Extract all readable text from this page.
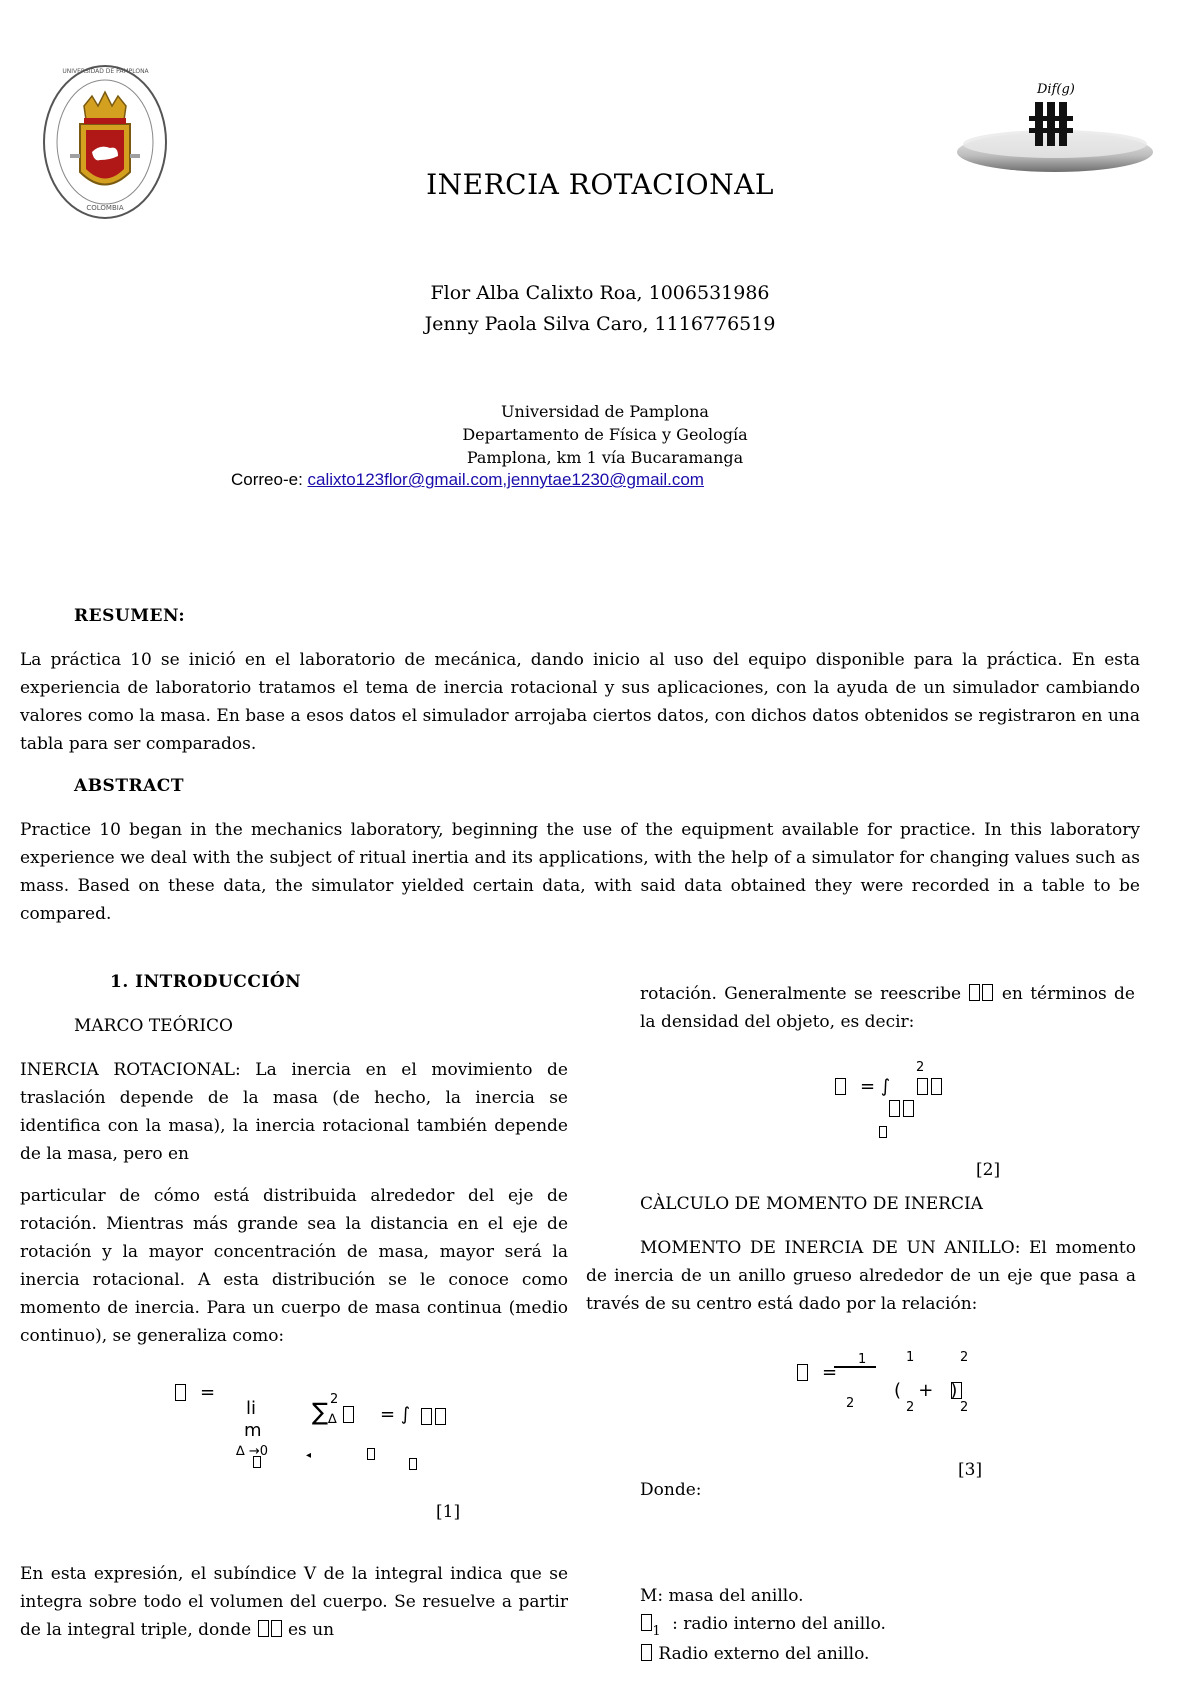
UNIVERSIDAD DE PAMPLONA
COLOMBIA
Dif(g)
INERCIA ROTACIONAL
Flor Alba Calixto Roa, 1006531986
Jenny Paola Silva Caro, 1116776519
Universidad de Pamplona
Departamento de Física y Geología
Pamplona, km 1 vía Bucaramanga
Correo-e: calixto123flor@gmail.com,jennytae1230@gmail.com
RESUMEN:
La práctica 10 se inició en el laboratorio de mecánica, dando inicio al uso del equipo disponible para la práctica. En esta experiencia de laboratorio tratamos el tema de inercia rotacional y sus aplicaciones, con la ayuda de un simulador cambiando valores como la masa. En base a esos datos el simulador arrojaba ciertos datos, con dichos datos obtenidos se registraron en una tabla para ser comparados.
ABSTRACT
Practice 10 began in the mechanics laboratory, beginning the use of the equipment available for practice. In this laboratory experience we deal with the subject of ritual inertia and its applications, with the help of a simulator for changing values such as mass. Based on these data, the simulator yielded certain data, with said data obtained they were recorded in a table to be compared.
1. INTRODUCCIÓN
MARCO TEÓRICO
INERCIA ROTACIONAL: La inercia en el movimiento de traslación depende de la masa (de hecho, la inercia se identifica con la masa), la inercia rotacional también depende de la masa, pero en
particular de cómo está distribuida alrededor del eje de rotación. Mientras más grande sea la distancia en el eje de rotación y la mayor concentración de masa, mayor será la inercia rotacional. A esta distribución se le conoce como momento de inercia. Para un cuerpo de masa continua (medio continuo), se generaliza como:
=
li
m
∆ →0
∑ 2
∆ = ∫
◂
[1]
En esta expresión, el subíndice V de la integral indica que se integra sobre todo el volumen del cuerpo. Se resuelve a partir de la integral triple, donde es un
rotación. Generalmente se reescribe en términos de la densidad del objeto, es decir:
= ∫
2
[2]
CÀLCULO DE MOMENTO DE INERCIA
MOMENTO DE INERCIA DE UN ANILLO: El momento de inercia de un anillo grueso alrededor de un eje que pasa a través de su centro está dado por la relación:
=
1
2
1	2
(   +   )
2	2
[3]
Donde:
M: masa del anillo.
$_1$ : radio interno del anillo.
Radio externo del anillo.
